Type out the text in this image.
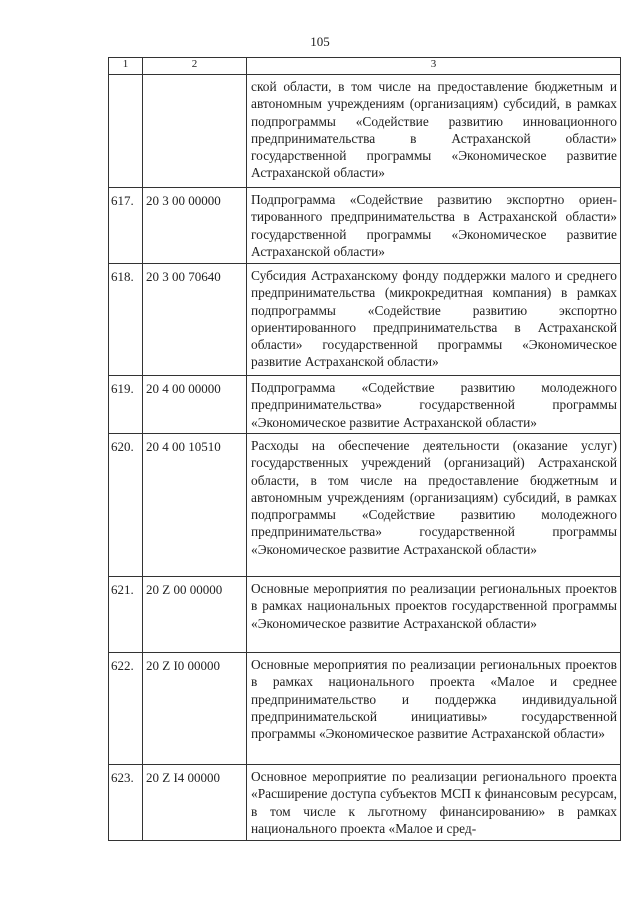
105
1	2	3
		ской области, в том числе на предоставление бюджетным и автономным учреждениям (организациям) субсидий, в рамках подпрограммы «Содействие развитию инновационного предпринимательства в Астраханской области» государственной программы «Экономическое развитие Астраханской области»
617.	20 3 00 00000	Подпрограмма «Содействие развитию экспортно ориентированного предпринимательства в Астраханской области» государственной программы «Экономическое развитие Астраханской области»
618.	20 3 00 70640	Субсидия Астраханскому фонду поддержки малого и среднего предпринимательства (микрокредитная компания) в рамках подпрограммы «Содействие развитию экспортно ориентированного предпринимательства в Астраханской области» государственной программы «Экономическое развитие Астраханской области»
619.	20 4 00 00000	Подпрограмма «Содействие развитию молодежного предпринимательства» государственной программы «Экономическое развитие Астраханской области»
620.	20 4 00 10510	Расходы на обеспечение деятельности (оказание услуг) государственных учреждений (организаций) Астраханской области, в том числе на предоставление бюджетным и автономным учреждениям (организациям) субсидий, в рамках подпрограммы «Содействие развитию молодежного предпринимательства» государственной программы «Экономическое развитие Астраханской области»
621.	20 Z 00 00000	Основные мероприятия по реализации региональных проектов в рамках национальных проектов государственной программы «Экономическое развитие Астраханской области»
622.	20 Z I0 00000	Основные мероприятия по реализации региональных проектов в рамках национального проекта «Малое и среднее предпринимательство и поддержка индивидуальной предпринимательской инициативы» государственной программы «Экономическое развитие Астраханской области»
623.	20 Z I4 00000	Основное мероприятие по реализации регионального проекта «Расширение доступа субъектов МСП к финансовым ресурсам, в том числе к льготному финансированию» в рамках национального проекта «Малое и сред-
